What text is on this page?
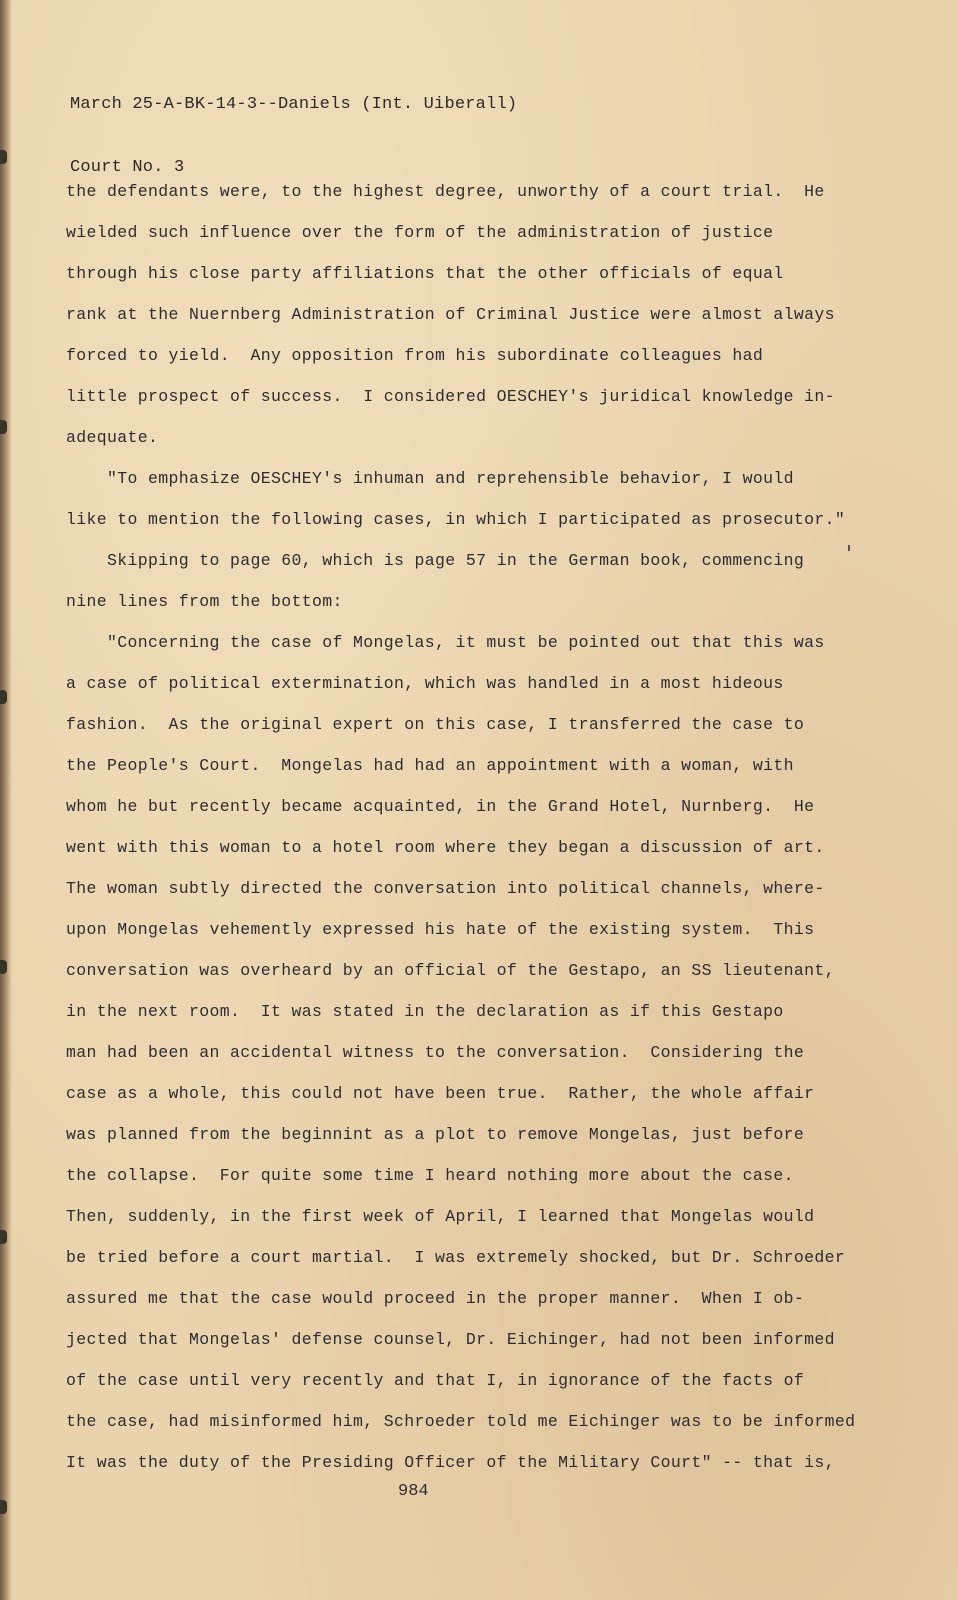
March 25-A-BK-14-3--Daniels (Int. Uiberall)

Court No. 3

the defendants were, to the highest degree, unworthy of a court trial.  He
wielded such influence over the form of the administration of justice
through his close party affiliations that the other officials of equal
rank at the Nuernberg Administration of Criminal Justice were almost always
forced to yield.  Any opposition from his subordinate colleagues had
little prospect of success.  I considered OESCHEY's juridical knowledge in-
adequate.
"To emphasize OESCHEY's inhuman and reprehensible behavior, I would
like to mention the following cases, in which I participated as prosecutor."
Skipping to page 60, which is page 57 in the German book, commencing
nine lines from the bottom:
"Concerning the case of Mongelas, it must be pointed out that this was
a case of political extermination, which was handled in a most hideous
fashion.  As the original expert on this case, I transferred the case to
the People's Court.  Mongelas had had an appointment with a woman, with
whom he but recently became acquainted, in the Grand Hotel, Nurnberg.  He
went with this woman to a hotel room where they began a discussion of art.
The woman subtly directed the conversation into political channels, where-
upon Mongelas vehemently expressed his hate of the existing system.  This
conversation was overheard by an official of the Gestapo, an SS lieutenant,
in the next room.  It was stated in the declaration as if this Gestapo
man had been an accidental witness to the conversation.  Considering the
case as a whole, this could not have been true.  Rather, the whole affair
was planned from the beginnint as a plot to remove Mongelas, just before
the collapse.  For quite some time I heard nothing more about the case.
Then, suddenly, in the first week of April, I learned that Mongelas would
be tried before a court martial.  I was extremely shocked, but Dr. Schroeder
assured me that the case would proceed in the proper manner.  When I ob-
jected that Mongelas' defense counsel, Dr. Eichinger, had not been informed
of the case until very recently and that I, in ignorance of the facts of
the case, had misinformed him, Schroeder told me Eichinger was to be informed
It was the duty of the Presiding Officer of the Military Court" -- that is,
984
